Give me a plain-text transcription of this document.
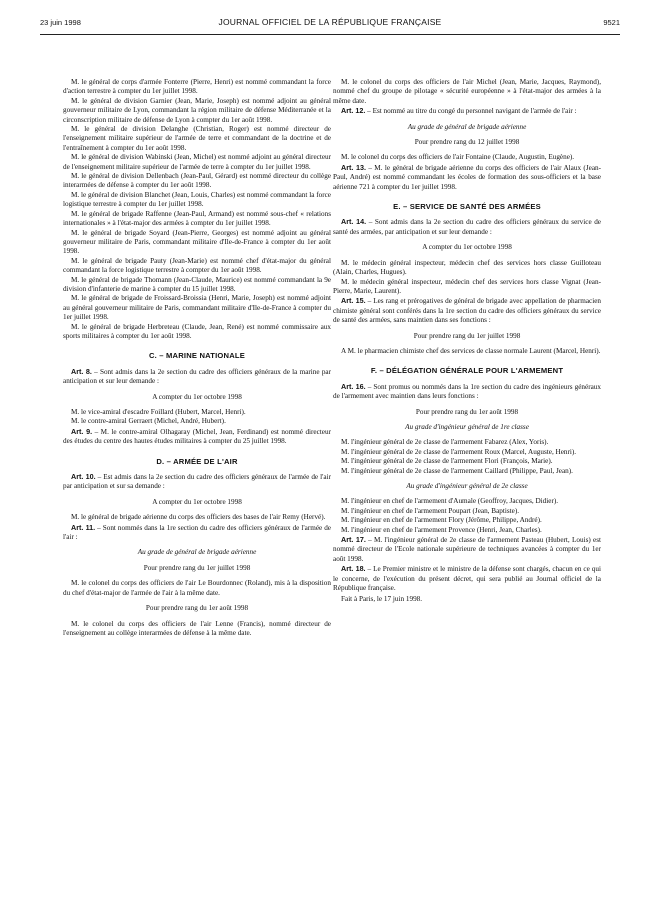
23 juin 1998	JOURNAL OFFICIEL DE LA RÉPUBLIQUE FRANÇAISE	9521

M. le général de corps d'armée Fonterre (Pierre, Henri) est nommé commandant la force d'action terrestre à compter du 1er juillet 1998.

M. le général de division Garnier (Jean, Marie, Joseph) est nommé adjoint au général gouverneur militaire de Lyon, commandant la région militaire de défense Méditerranée et la circonscription militaire de défense de Lyon à compter du 1er août 1998.

M. le général de division Delanghe (Christian, Roger) est nommé directeur de l'enseignement militaire supérieur de l'armée de terre et commandant de la doctrine et de l'entraînement à compter du 1er août 1998.

M. le général de division Wabinski (Jean, Michel) est nommé adjoint au général directeur de l'enseignement militaire supérieur de l'armée de terre à compter du 1er juillet 1998.

M. le général de division Dellenbach (Jean-Paul, Gérard) est nommé directeur du collège interarmées de défense à compter du 1er août 1998.

M. le général de division Blanchet (Jean, Louis, Charles) est nommé commandant la force logistique terrestre à compter du 1er juillet 1998.

M. le général de brigade Raffenne (Jean-Paul, Armand) est nommé sous-chef « relations internationales » à l'état-major des armées à compter du 1er juillet 1998.

M. le général de brigade Soyard (Jean-Pierre, Georges) est nommé adjoint au général gouverneur militaire de Paris, commandant militaire d'Ile-de-France à compter du 1er août 1998.

M. le général de brigade Pauty (Jean-Marie) est nommé chef d'état-major du général commandant la force logistique terrestre à compter du 1er août 1998.

M. le général de brigade Thomann (Jean-Claude, Maurice) est nommé commandant la 9e division d'infanterie de marine à compter du 15 juillet 1998.

M. le général de brigade de Froissard-Broissia (Henri, Marie, Joseph) est nommé adjoint au général gouverneur militaire de Paris, commandant militaire d'Ile-de-France à compter du 1er juillet 1998.

M. le général de brigade Herbreteau (Claude, Jean, René) est nommé commissaire aux sports militaires à compter du 1er août 1998.

C. – MARINE NATIONALE

Art. 8. – Sont admis dans la 2e section du cadre des officiers généraux de la marine par anticipation et sur leur demande :

A compter du 1er octobre 1998

M. le vice-amiral d'escadre Foillard (Hubert, Marcel, Henri).

M. le contre-amiral Gerraert (Michel, André, Hubert).

Art. 9. – M. le contre-amiral Olhagaray (Michel, Jean, Ferdinand) est nommé directeur des études du centre des hautes études militaires à compter du 25 juillet 1998.

D. – ARMÉE DE L'AIR

Art. 10. – Est admis dans la 2e section du cadre des officiers généraux de l'armée de l'air par anticipation et sur sa demande :

A compter du 1er octobre 1998

M. le général de brigade aérienne du corps des officiers des bases de l'air Remy (Hervé).

Art. 11. – Sont nommés dans la 1re section du cadre des officiers généraux de l'armée de l'air :

Au grade de général de brigade aérienne

Pour prendre rang du 1er juillet 1998

M. le colonel du corps des officiers de l'air Le Bourdonnec (Roland), mis à la disposition du chef d'état-major de l'armée de l'air à la même date.

Pour prendre rang du 1er août 1998

M. le colonel du corps des officiers de l'air Lenne (Francis), nommé directeur de l'enseignement au collège interarmées de défense à la même date.

M. le colonel du corps des officiers de l'air Michel (Jean, Marie, Jacques, Raymond), nommé chef du groupe de pilotage « sécurité européenne » à l'état-major des armées à la même date.

Art. 12. – Est nommé au titre du congé du personnel navigant de l'armée de l'air :

Au grade de général de brigade aérienne

Pour prendre rang du 12 juillet 1998

M. le colonel du corps des officiers de l'air Fontaine (Claude, Augustin, Eugène).

Art. 13. – M. le général de brigade aérienne du corps des officiers de l'air Alaux (Jean-Paul, André) est nommé commandant les écoles de formation des sous-officiers et la base aérienne 721 à compter du 1er juillet 1998.

E. – SERVICE DE SANTÉ DES ARMÉES

Art. 14. – Sont admis dans la 2e section du cadre des officiers généraux du service de santé des armées, par anticipation et sur leur demande :

A compter du 1er octobre 1998

M. le médecin général inspecteur, médecin chef des services hors classe Guilloteau (Alain, Charles, Hugues).

M. le médecin général inspecteur, médecin chef des services hors classe Vignat (Jean-Pierre, Marie, Laurent).

Art. 15. – Les rang et prérogatives de général de brigade avec appellation de pharmacien chimiste général sont conférés dans la 1re section du cadre des officiers généraux du service de santé des armées, sans maintien dans ses fonctions :

Pour prendre rang du 1er juillet 1998

A M. le pharmacien chimiste chef des services de classe normale Laurent (Marcel, Henri).

F. – DÉLÉGATION GÉNÉRALE POUR L'ARMEMENT

Art. 16. – Sont promus ou nommés dans la 1re section du cadre des ingénieurs généraux de l'armement avec maintien dans leurs fonctions :

Pour prendre rang du 1er août 1998

Au grade d'ingénieur général de 1re classe

M. l'ingénieur général de 2e classe de l'armement Fabarez (Alex, Yoris).

M. l'ingénieur général de 2e classe de l'armement Roux (Marcel, Auguste, Henri).

M. l'ingénieur général de 2e classe de l'armement Flori (François, Marie).

M. l'ingénieur général de 2e classe de l'armement Caillard (Philippe, Paul, Jean).

Au grade d'ingénieur général de 2e classe

M. l'ingénieur en chef de l'armement d'Aumale (Geoffroy, Jacques, Didier).

M. l'ingénieur en chef de l'armement Poupart (Jean, Baptiste).

M. l'ingénieur en chef de l'armement Flory (Jérôme, Philippe, André).

M. l'ingénieur en chef de l'armement Provence (Henri, Jean, Charles).

Art. 17. – M. l'ingénieur général de 2e classe de l'armement Pasteau (Hubert, Louis) est nommé directeur de l'Ecole nationale supérieure de techniques avancées à compter du 1er août 1998.

Art. 18. – Le Premier ministre et le ministre de la défense sont chargés, chacun en ce qui le concerne, de l'exécution du présent décret, qui sera publié au Journal officiel de la République française.

Fait à Paris, le 17 juin 1998.
